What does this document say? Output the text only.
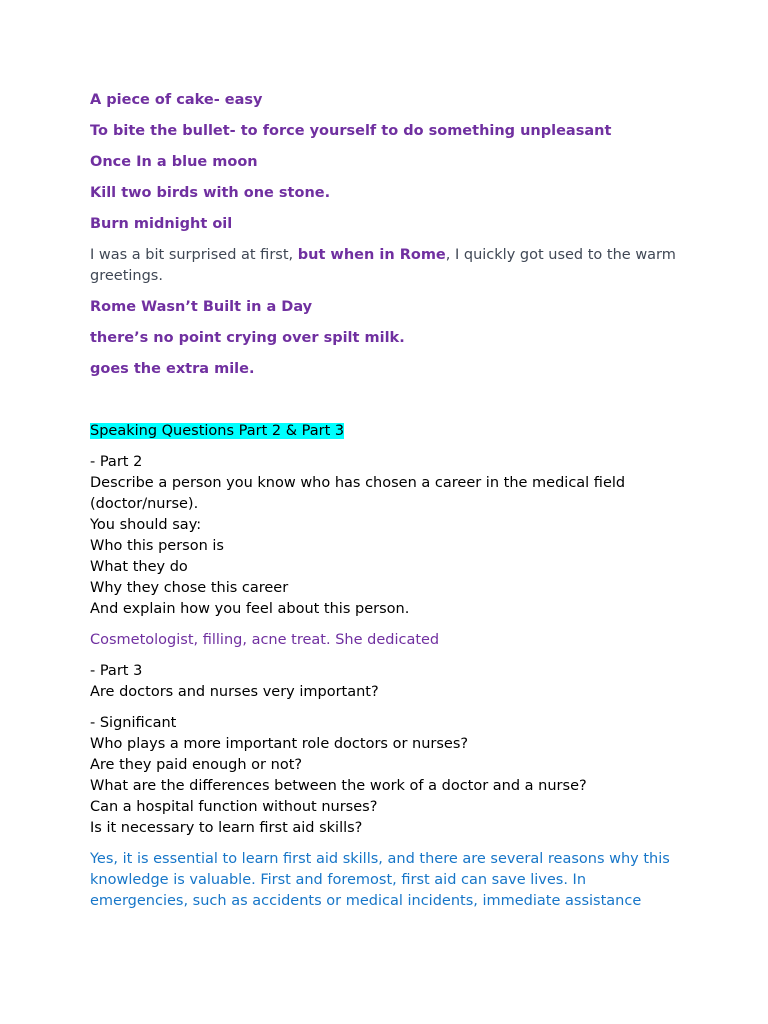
A piece of cake- easy

To bite the bullet- to force yourself to do something unpleasant

Once In a blue moon

Kill two birds with one stone.

Burn midnight oil

I was a bit surprised at first, but when in Rome, I quickly got used to the warm greetings.

Rome Wasn’t Built in a Day

there’s no point crying over spilt milk.

goes the extra mile.

Speaking Questions Part 2 & Part 3

- Part 2
Describe a person you know who has chosen a career in the medical field (doctor/nurse).
You should say:
Who this person is
What they do
Why they chose this career
And explain how you feel about this person.

Cosmetologist, filling, acne treat. She dedicated

- Part 3
Are doctors and nurses very important?

- Significant
Who plays a more important role doctors or nurses?
Are they paid enough or not?
What are the differences between the work of a doctor and a nurse?
Can a hospital function without nurses?
Is it necessary to learn first aid skills?

Yes, it is essential to learn first aid skills, and there are several reasons why this knowledge is valuable. First and foremost, first aid can save lives. In emergencies, such as accidents or medical incidents, immediate assistance
